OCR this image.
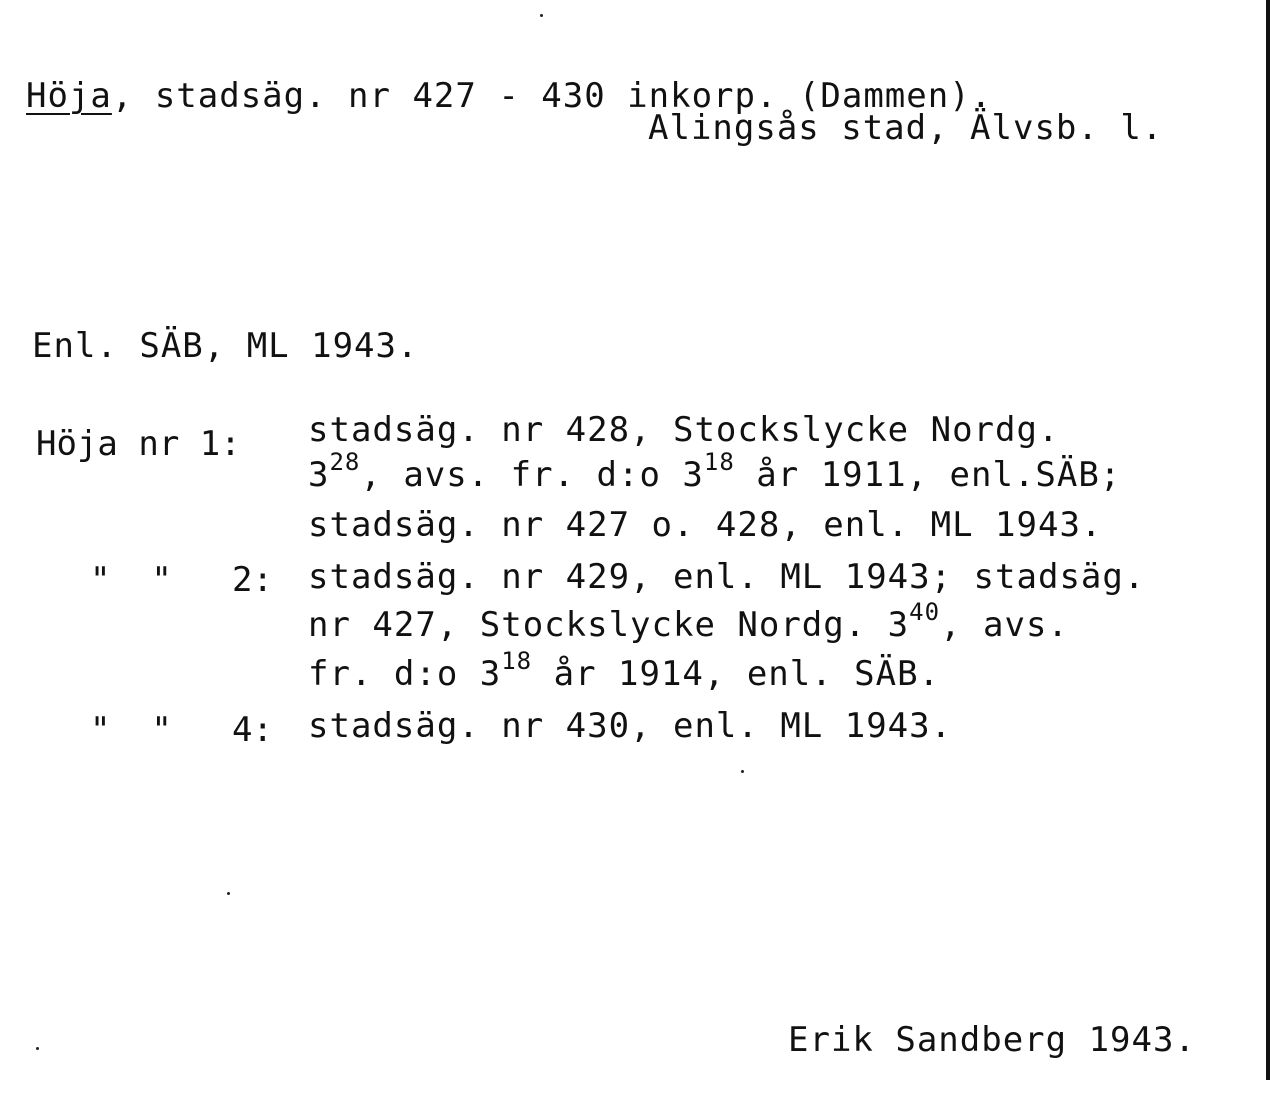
Höja, stadsäg. nr 427 - 430 inkorp. (Dammen).
Alingsås stad, Älvsb. l.
Enl. SÄB, ML 1943.
Höja nr 1: stadsäg. nr 428, Stockslycke Nordg.
$3^{28}$, avs. fr. d:o $3^{18}$ år 1911, enl.SÄB;
stadsäg. nr 427 o. 428, enl. ML 1943.
"  " 2: stadsäg. nr 429, enl. ML 1943; stadsäg.
nr 427, Stockslycke Nordg. $3^{40}$, avs.
fr. d:o $3^{18}$ år 1914, enl. SÄB.
"  " 4: stadsäg. nr 430, enl. ML 1943.
Erik Sandberg 1943.
